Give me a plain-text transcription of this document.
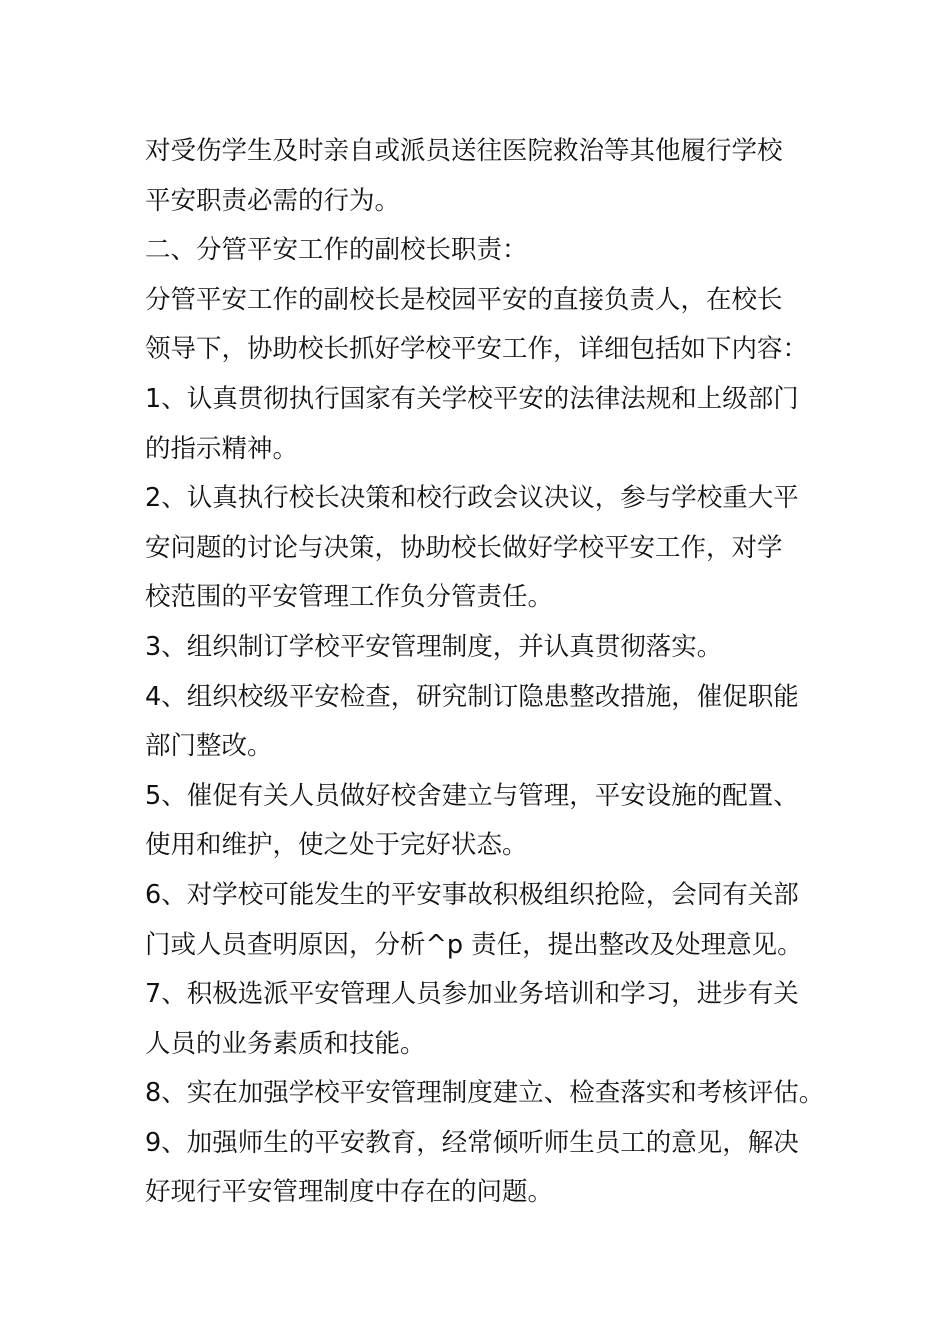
对受伤学生及时亲自或派员送往医院救治等其他履行学校
平安职责必需的行为。
二、分管平安工作的副校长职责：
分管平安工作的副校长是校园平安的直接负责人，在校长
领导下，协助校长抓好学校平安工作，详细包括如下内容：
1、认真贯彻执行国家有关学校平安的法律法规和上级部门
的指示精神。
2、认真执行校长决策和校行政会议决议，参与学校重大平
安问题的讨论与决策，协助校长做好学校平安工作，对学
校范围的平安管理工作负分管责任。
3、组织制订学校平安管理制度，并认真贯彻落实。
4、组织校级平安检查，研究制订隐患整改措施，催促职能
部门整改。
5、催促有关人员做好校舍建立与管理，平安设施的配置、
使用和维护，使之处于完好状态。
6、对学校可能发生的平安事故积极组织抢险，会同有关部
门或人员查明原因，分析^p 责任，提出整改及处理意见。
7、积极选派平安管理人员参加业务培训和学习，进步有关
人员的业务素质和技能。
8、实在加强学校平安管理制度建立、检查落实和考核评估。
9、加强师生的平安教育，经常倾听师生员工的意见，解决
好现行平安管理制度中存在的问题。
